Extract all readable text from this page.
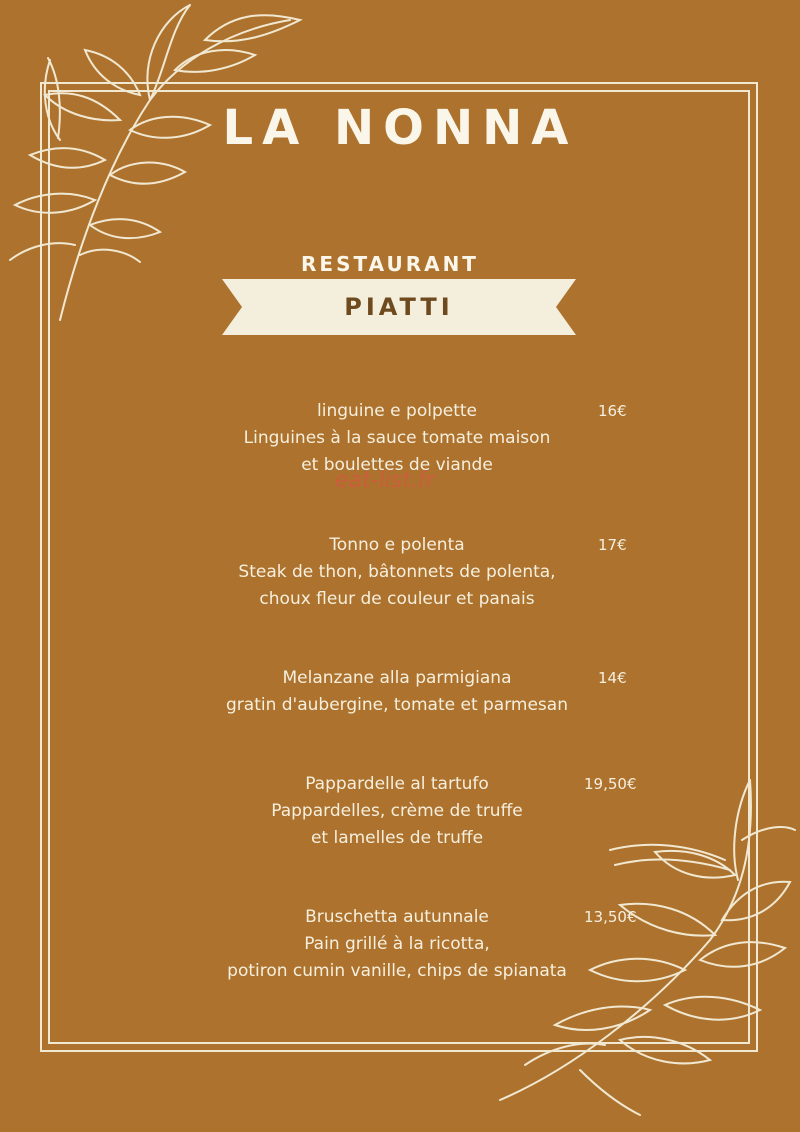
LA NONNA
RESTAURANT
PIATTI
linguine e polpette
Linguines à la sauce tomate maison
et boulettes de viande
16€
eat-list.fr
Tonno e polenta
Steak de thon, bâtonnets de polenta,
choux fleur de couleur et panais
17€
Melanzane alla parmigiana
gratin d'aubergine, tomate et parmesan
14€
Pappardelle al tartufo
Pappardelles, crème de truffe
et lamelles de truffe
19,50€
Bruschetta autunnale
Pain grillé à la ricotta,
potiron cumin vanille, chips de spianata
13,50€
